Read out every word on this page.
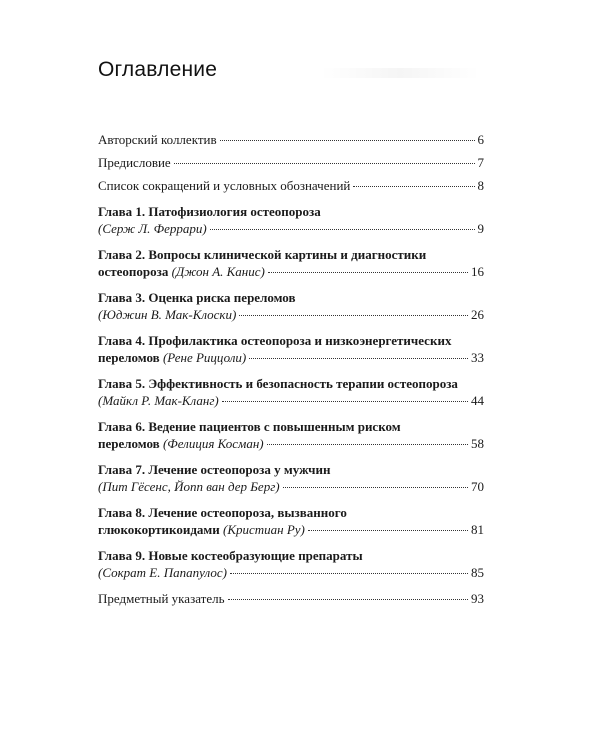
Оглавление
Авторский коллектив	6
Предисловие	7
Список сокращений и условных обозначений	8
Глава 1. Патофизиология остеопороза
(Серж Л. Феррари)	9
Глава 2. Вопросы клинической картины и диагностики
остеопороза (Джон А. Канис)	16
Глава 3. Оценка риска переломов
(Юджин В. Мак-Клоски)	26
Глава 4. Профилактика остеопороза и низкоэнергетических
переломов (Рене Риццоли)	33
Глава 5. Эффективность и безопасность терапии остеопороза
(Майкл Р. Мак-Кланг)	44
Глава 6. Ведение пациентов с повышенным риском
переломов (Фелиция Косман)	58
Глава 7. Лечение остеопороза у мужчин
(Пит Гёсенс, Йопп ван дер Берг)	70
Глава 8. Лечение остеопороза, вызванного
глюкокортикоидами (Кристиан Ру)	81
Глава 9. Новые костеобразующие препараты
(Сократ Е. Папапулос)	85
Предметный указатель	93
